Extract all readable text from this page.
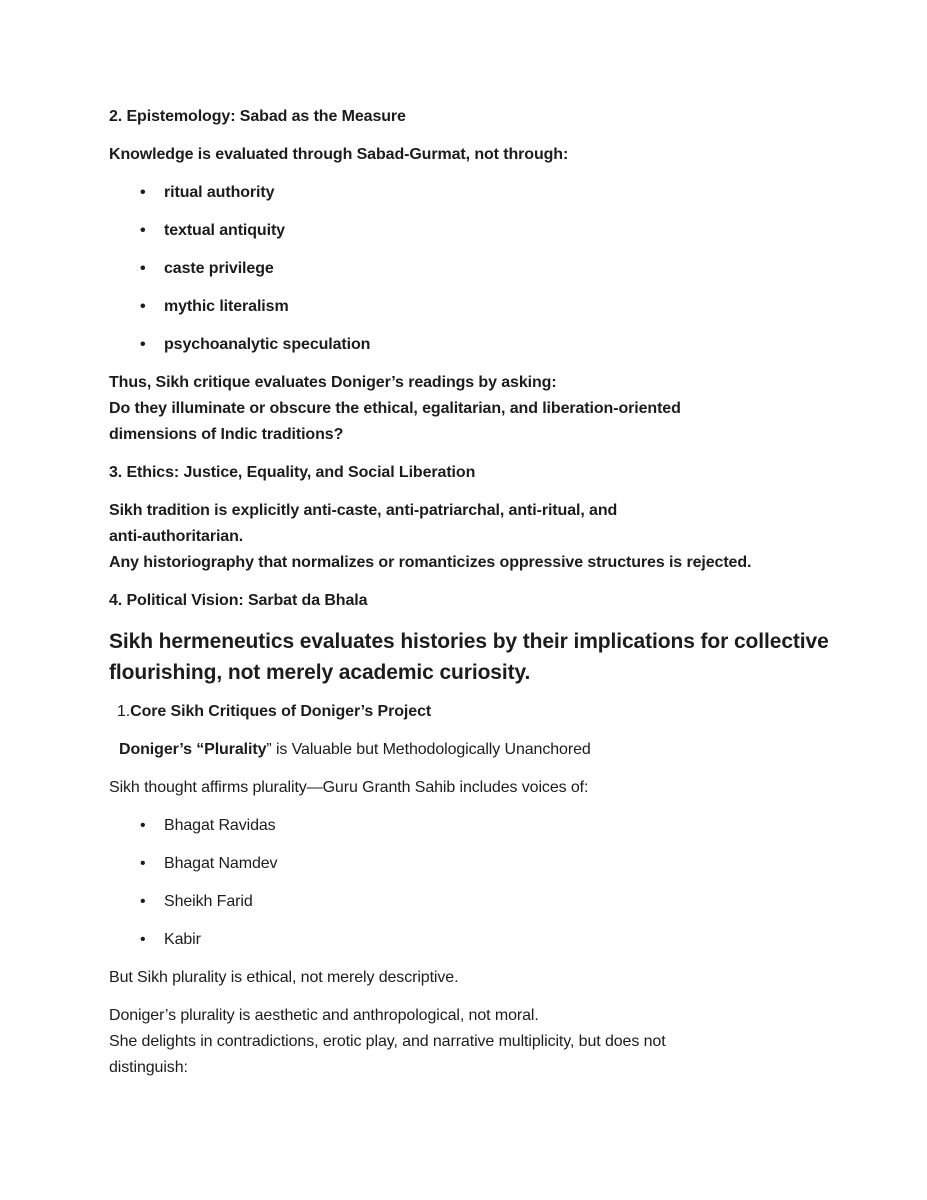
2. Epistemology: Sabad as the Measure

Knowledge is evaluated through Sabad-Gurmat, not through:

• ritual authority
• textual antiquity
• caste privilege
• mythic literalism
• psychoanalytic speculation

Thus, Sikh critique evaluates Doniger’s readings by asking:
Do they illuminate or obscure the ethical, egalitarian, and liberation-oriented
dimensions of Indic traditions?

3. Ethics: Justice, Equality, and Social Liberation

Sikh tradition is explicitly anti-caste, anti-patriarchal, anti-ritual, and
anti-authoritarian.
Any historiography that normalizes or romanticizes oppressive structures is rejected.

4. Political Vision: Sarbat da Bhala
Sikh hermeneutics evaluates histories by their implications for collective
flourishing, not merely academic curiosity.

1.Core Sikh Critiques of Doniger’s Project

Doniger’s “Plurality” is Valuable but Methodologically Unanchored

Sikh thought affirms plurality—Guru Granth Sahib includes voices of:

• Bhagat Ravidas
• Bhagat Namdev
• Sheikh Farid
• Kabir

But Sikh plurality is ethical, not merely descriptive.

Doniger’s plurality is aesthetic and anthropological, not moral.
She delights in contradictions, erotic play, and narrative multiplicity, but does not
distinguish:
